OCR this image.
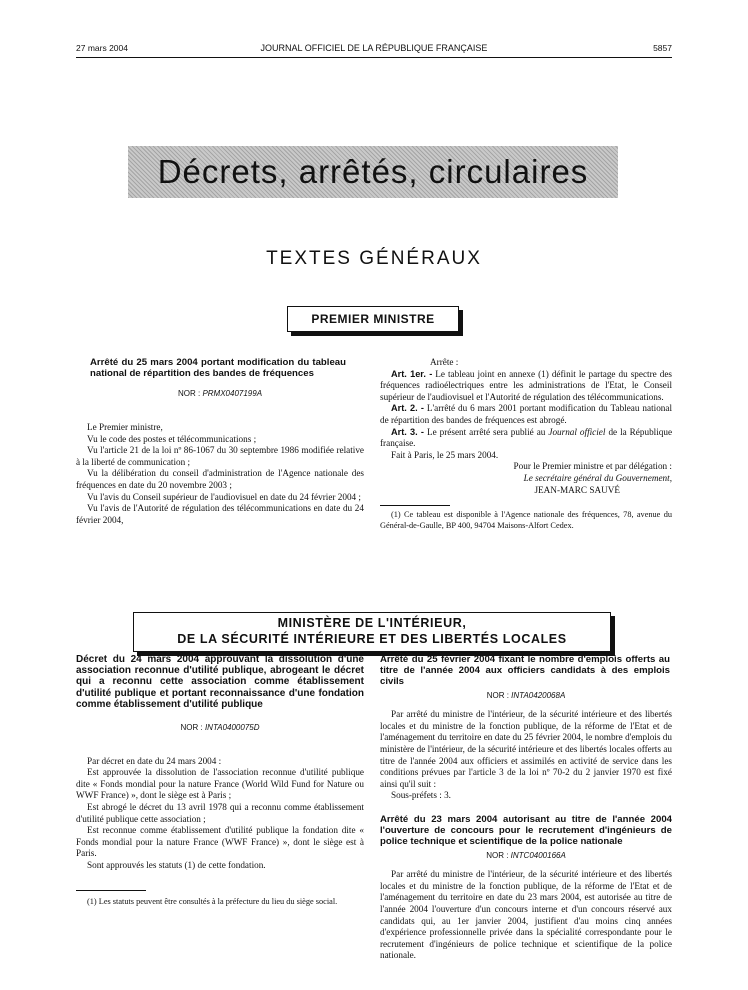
27 mars 2004	JOURNAL OFFICIEL DE LA RÉPUBLIQUE FRANÇAISE	5857
Décrets, arrêtés, circulaires
TEXTES GÉNÉRAUX
PREMIER MINISTRE
Arrêté du 25 mars 2004 portant modification du tableau national de répartition des bandes de fréquences
NOR : PRMX0407199A

Le Premier ministre,

Vu le code des postes et télécommunications ;

Vu l'article 21 de la loi nº 86-1067 du 30 septembre 1986 modifiée relative à la liberté de communication ;

Vu la délibération du conseil d'administration de l'Agence nationale des fréquences en date du 20 novembre 2003 ;

Vu l'avis du Conseil supérieur de l'audiovisuel en date du 24 février 2004 ;

Vu l'avis de l'Autorité de régulation des télécommunications en date du 24 février 2004,

Arrête :

Art. 1er. - Le tableau joint en annexe (1) définit le partage du spectre des fréquences radioélectriques entre les administrations de l'Etat, le Conseil supérieur de l'audiovisuel et l'Autorité de régulation des télécommunications.

Art. 2. - L'arrêté du 6 mars 2001 portant modification du Tableau national de répartition des bandes de fréquences est abrogé.

Art. 3. - Le présent arrêté sera publié au Journal officiel de la République française.

Fait à Paris, le 25 mars 2004.

Pour le Premier ministre et par délégation :
Le secrétaire général du Gouvernement,
JEAN-MARC SAUVÉ

(1) Ce tableau est disponible à l'Agence nationale des fréquences, 78, avenue du Général-de-Gaulle, BP 400, 94704 Maisons-Alfort Cedex.

MINISTÈRE DE L'INTÉRIEUR,
DE LA SÉCURITÉ INTÉRIEURE ET DES LIBERTÉS LOCALES
Décret du 24 mars 2004 approuvant la dissolution d'une association reconnue d'utilité publique, abrogeant le décret qui a reconnu cette association comme établissement d'utilité publique et portant reconnaissance d'une fondation comme établissement d'utilité publique
NOR : INTA0400075D

Par décret en date du 24 mars 2004 :

Est approuvée la dissolution de l'association reconnue d'utilité publique dite « Fonds mondial pour la nature France (World Wild Fund for Nature ou WWF France) », dont le siège est à Paris ;

Est abrogé le décret du 13 avril 1978 qui a reconnu comme établissement d'utilité publique cette association ;

Est reconnue comme établissement d'utilité publique la fondation dite « Fonds mondial pour la nature France (WWF France) », dont le siège est à Paris.

Sont approuvés les statuts (1) de cette fondation.

(1) Les statuts peuvent être consultés à la préfecture du lieu du siège social.

Arrêté du 25 février 2004 fixant le nombre d'emplois offerts au titre de l'année 2004 aux officiers candidats à des emplois civils
NOR : INTA0420068A

Par arrêté du ministre de l'intérieur, de la sécurité intérieure et des libertés locales et du ministre de la fonction publique, de la réforme de l'Etat et de l'aménagement du territoire en date du 25 février 2004, le nombre d'emplois du ministère de l'intérieur, de la sécurité intérieure et des libertés locales offerts au titre de l'année 2004 aux officiers et assimilés en activité de service dans les conditions prévues par l'article 3 de la loi nº 70-2 du 2 janvier 1970 est fixé ainsi qu'il suit :

Sous-préfets : 3.

Arrêté du 23 mars 2004 autorisant au titre de l'année 2004 l'ouverture de concours pour le recrutement d'ingénieurs de police technique et scientifique de la police nationale
NOR : INTC0400166A

Par arrêté du ministre de l'intérieur, de la sécurité intérieure et des libertés locales et du ministre de la fonction publique, de la réforme de l'Etat et de l'aménagement du territoire en date du 23 mars 2004, est autorisée au titre de l'année 2004 l'ouverture d'un concours interne et d'un concours réservé aux candidats qui, au 1er janvier 2004, justifient d'au moins cinq années d'expérience professionnelle privée dans la spécialité correspondante pour le recrutement d'ingénieurs de police technique et scientifique de la police nationale.
